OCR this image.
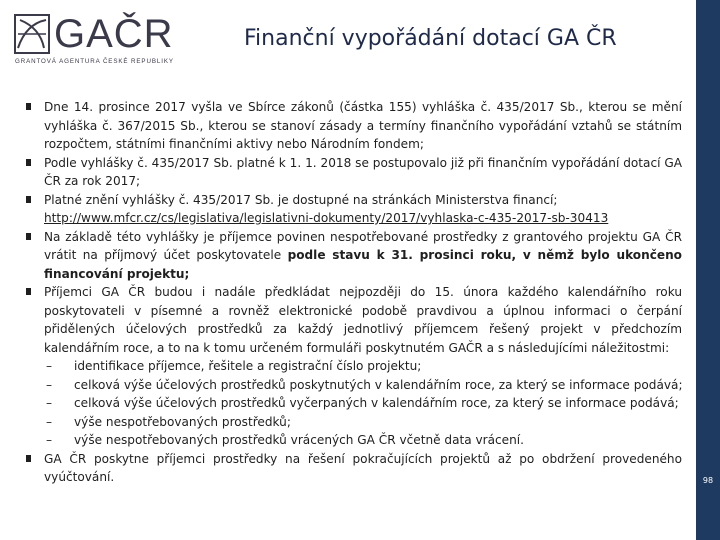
GAČR
GRANTOVÁ AGENTURA ČESKÉ REPUBLIKY
Finanční vypořádání dotací GA ČR
98
Dne 14. prosince 2017 vyšla ve Sbírce zákonů (částka 155) vyhláška č. 435/2017 Sb., kterou se mění vyhláška č. 367/2015 Sb., kterou se stanoví zásady a termíny finančního vypořádání vztahů se státním rozpočtem, státními finančními aktivy nebo Národním fondem;
Podle vyhlášky č. 435/2017 Sb. platné k 1. 1. 2018 se postupovalo již při finančním vypořádání dotací GA ČR za rok 2017;
Platné znění vyhlášky č. 435/2017 Sb. je dostupné na stránkách Ministerstva financí;
http://www.mfcr.cz/cs/legislativa/legislativni-dokumenty/2017/vyhlaska-c-435-2017-sb-30413
Na základě této vyhlášky je příjemce povinen nespotřebované prostředky z grantového projektu GA ČR vrátit na příjmový účet poskytovatele podle stavu k 31. prosinci roku, v němž bylo ukončeno financování projektu;
Příjemci GA ČR budou i nadále předkládat nejpozději do 15. února každého kalendářního roku poskytovateli v písemné a rovněž elektronické podobě pravdivou a úplnou informaci o čerpání přidělených účelových prostředků za každý jednotlivý příjemcem řešený projekt v předchozím kalendářním roce, a to na k tomu určeném formuláři poskytnutém GAČR a s následujícími náležitostmi:
– identifikace příjemce, řešitele a registrační číslo projektu;
– celková výše účelových prostředků poskytnutých v kalendářním roce, za který se informace podává;
– celková výše účelových prostředků vyčerpaných v kalendářním roce, za který se informace podává;
– výše nespotřebovaných prostředků;
– výše nespotřebovaných prostředků vrácených GA ČR včetně data vrácení.
GA ČR poskytne příjemci prostředky na řešení pokračujících projektů až po obdržení provedeného vyúčtování.
